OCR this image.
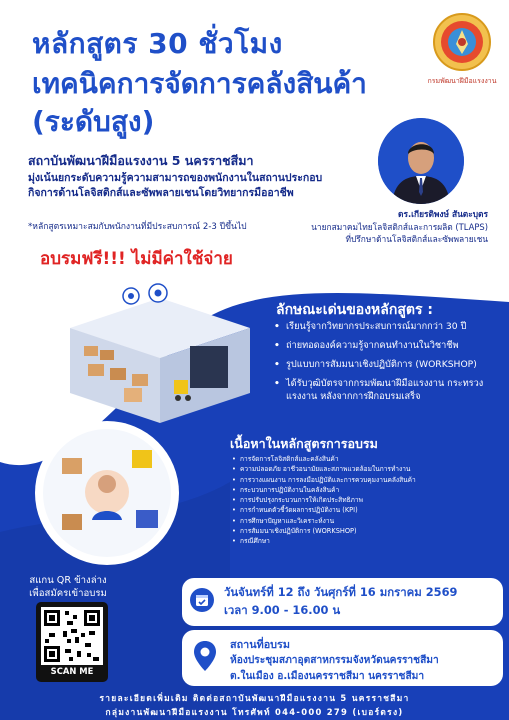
หลักสูตร 30 ชั่วโมง
เทคนิคการจัดการคลังสินค้า
(ระดับสูง)
กรมพัฒนาฝีมือแรงงาน
สถาบันพัฒนาฝีมือแรงงาน 5 นครราชสีมา
มุ่งเน้นยกระดับความรู้ความสามารถของพนักงานในสถานประกอบกิจการด้านโลจิสติกส์และซัพพลายเชนโดยวิทยากรมืออาชีพ
*หลักสูตรเหมาะสมกับพนักงานที่มีประสบการณ์ 2-3 ปีขึ้นไป
อบรมฟรี!!! ไม่มีค่าใช้จ่าย
ดร.เกียรติพงษ์ สันตะบุตร
นายกสมาคมไทยโลจิสติกส์และการผลิต (TLAPS)
ที่ปรึกษาด้านโลจิสติกส์และซัพพลายเชน
ลักษณะเด่นของหลักสูตร :
• เรียนรู้จากวิทยากรประสบการณ์มากกว่า 30 ปี
• ถ่ายทอดองค์ความรู้จากคนทำงานในวิชาชีพ
• รูปแบบการสัมมนาเชิงปฏิบัติการ (WORKSHOP)
• ได้รับวุฒิบัตรจากกรมพัฒนาฝีมือแรงงาน กระทรวงแรงงาน หลังจากการฝึกอบรมเสร็จ
เนื้อหาในหลักสูตรการอบรม
• การจัดการโลจิสติกส์และคลังสินค้า
• ความปลอดภัย อาชีวอนามัยและสภาพแวดล้อมในการทำงาน
• การวางแผนงาน การลงมือปฏิบัติและการควบคุมงานคลังสินค้า
• กระบวนการปฏิบัติงานในคลังสินค้า
• การปรับปรุงกระบวนการให้เกิดประสิทธิภาพ
• การกำหนดตัวชี้วัดผลการปฏิบัติงาน (KPI)
• การศึกษาปัญหาและวิเคราะห์งาน
• การสัมมนาเชิงปฏิบัติการ (WORKSHOP)
• กรณีศึกษา
สแกน QR ข้างล่าง
เพื่อสมัครเข้าอบรม
SCAN ME
วันจันทร์ที่ 12 ถึง วันศุกร์ที่ 16 มกราคม 2569
เวลา 9.00 - 16.00 น
สถานที่อบรม
ห้องประชุมสภาอุตสาหกรรมจังหวัดนครราชสีมา
ต.ในเมือง อ.เมืองนครราชสีมา นครราชสีมา
รายละเอียดเพิ่มเติม ติดต่อสถาบันพัฒนาฝีมือแรงงาน 5 นครราชสีมา
กลุ่มงานพัฒนาฝีมือแรงงาน โทรศัพท์ 044-000 279 (เบอร์ตรง)
